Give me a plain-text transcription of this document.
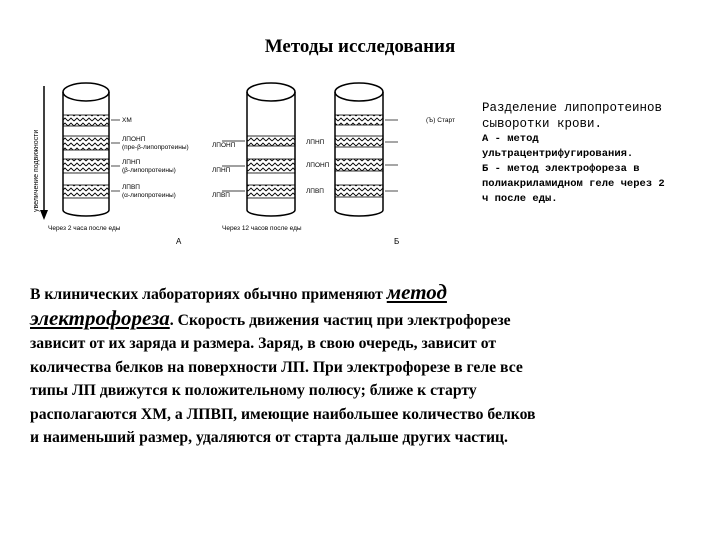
Методы исследования
увеличение подвижности
ХМ
ЛПОНП
(пре-β-липопротеины)
ЛПНП
(β-липопротеины)
ЛПВП
(α-липопротеины)
Через 2 часа после еды
А
ЛПОНП
ЛПНП
ЛПВП
Через 12 часов после еды
(Ъ) Старт
ЛПНП
ЛПОНП
ЛПВП
Б
Разделение липопротеинов
сыворотки крови.
А - метод
ультрацентрифугирования.
Б - метод электрофореза в
полиакриламидном геле через 2
ч после еды.
В клинических лабораториях обычно применяют метод
электрофореза. Скорость движения частиц при электрофорезе
зависит от их заряда и размера. Заряд, в свою очередь, зависит от
количества белков на поверхности ЛП. При электрофорезе в геле все
типы ЛП движутся к положительному полюсу; ближе к старту
располагаются ХМ, а ЛПВП, имеющие наибольшее количество белков
и наименьший размер, удаляются от старта дальше других частиц.
